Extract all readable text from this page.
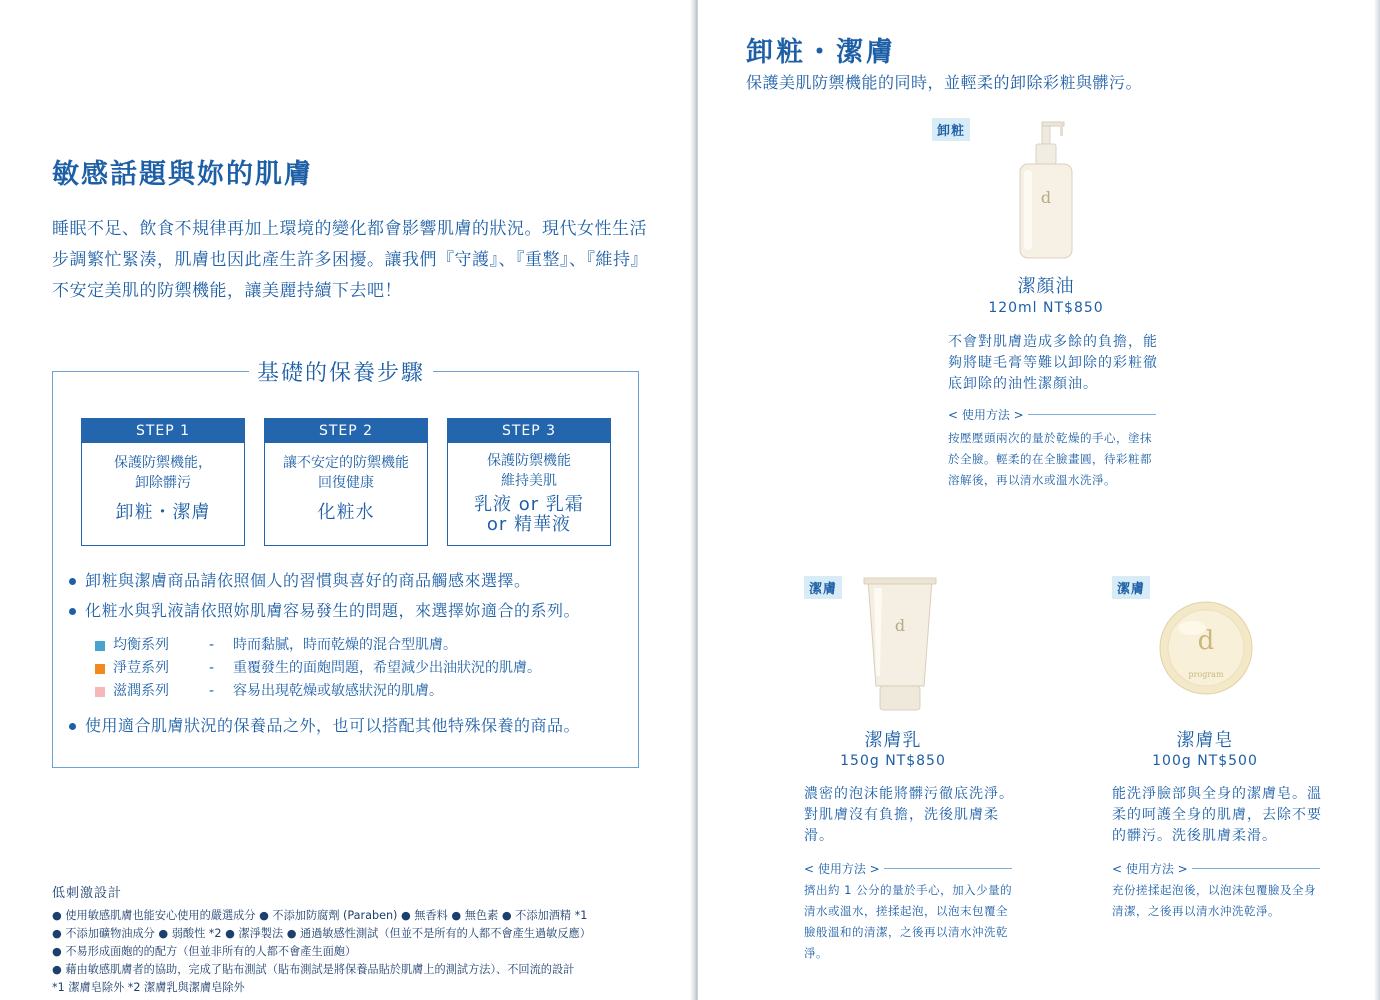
敏感話題與妳的肌膚

睡眠不足、飲食不規律再加上環境的變化都會影響肌膚的狀況。現代女性生活步調繁忙緊湊，肌膚也因此產生許多困擾。讓我們『守護』、『重整』、『維持』不安定美肌的防禦機能，讓美麗持續下去吧！

基礎的保養步驟
STEP 1
保護防禦機能，
卸除髒污
卸粧・潔膚
STEP 2
讓不安定的防禦機能
回復健康
化粧水
STEP 3
保護防禦機能
維持美肌
乳液 or 乳霜
or 精華液
卸粧與潔膚商品請依照個人的習慣與喜好的商品觸感來選擇。
化粧水與乳液請依照妳肌膚容易發生的問題，來選擇妳適合的系列。
均衡系列	-	時而黏膩，時而乾燥的混合型肌膚。
淨荳系列	-	重覆發生的面皰問題，希望減少出油狀況的肌膚。
滋潤系列	-	容易出現乾燥或敏感狀況的肌膚。
使用適合肌膚狀況的保養品之外，也可以搭配其他特殊保養的商品。
低刺激設計
● 使用敏感肌膚也能安心使用的嚴選成分 ● 不添加防腐劑 (Paraben) ● 無香料 ● 無色素 ● 不添加酒精 *1
● 不添加礦物油成分 ● 弱酸性 *2 ● 潔淨製法 ● 通過敏感性測試（但並不是所有的人都不會產生過敏反應）
● 不易形成面皰的的配方（但並非所有的人都不會產生面皰）
● 藉由敏感肌膚者的協助，完成了貼布測試（貼布測試是將保養品貼於肌膚上的測試方法）、不回流的設計
*1 潔膚皂除外 *2 潔膚乳與潔膚皂除外
卸粧・潔膚

保護美肌防禦機能的同時，並輕柔的卸除彩粧與髒污。

卸粧
d
潔顏油
120ml NT$850
不會對肌膚造成多餘的負擔，能夠將睫毛膏等難以卸除的彩粧徹底卸除的油性潔顏油。
< 使用方法 >
按壓壓頭兩次的量於乾燥的手心，塗抹於全臉。輕柔的在全臉畫圓，待彩粧都溶解後，再以清水或溫水洗淨。
潔膚
d
潔膚乳
150g NT$850
濃密的泡沫能將髒污徹底洗淨。對肌膚沒有負擔，洗後肌膚柔滑。
< 使用方法 >
擠出約 1 公分的量於手心，加入少量的清水或溫水，搓揉起泡，以泡末包覆全臉般溫和的清潔，之後再以清水沖洗乾淨。
潔膚
d
program
潔膚皂
100g NT$500
能洗淨臉部與全身的潔膚皂。溫柔的呵護全身的肌膚，去除不要的髒污。洗後肌膚柔滑。
< 使用方法 >
充份搓揉起泡後，以泡沫包覆臉及全身清潔，之後再以清水沖洗乾淨。
